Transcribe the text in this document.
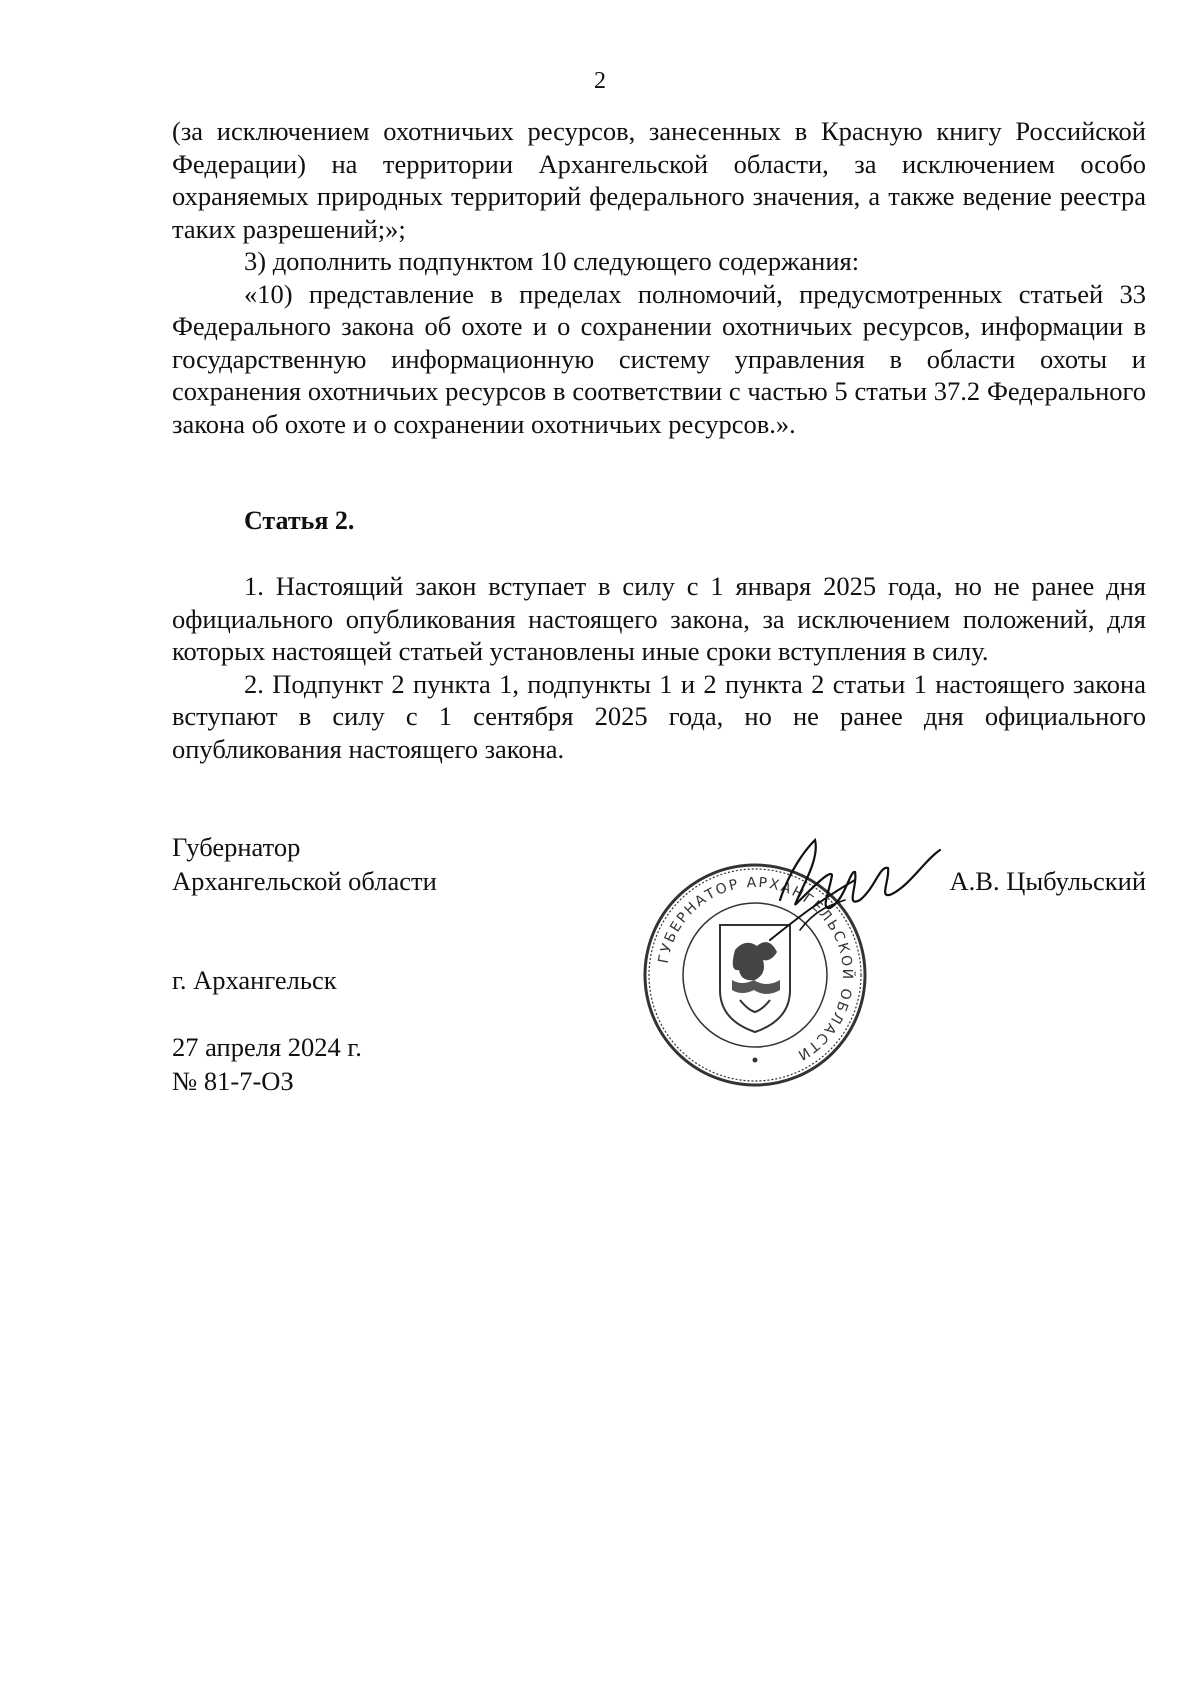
2

(за исключением охотничьих ресурсов, занесенных в Красную книгу Российской Федерации) на территории Архангельской области, за исключением особо охраняемых природных территорий федерального значения, а также ведение реестра таких разрешений;»;

3) дополнить подпунктом 10 следующего содержания:

«10) представление в пределах полномочий, предусмотренных статьей 33 Федерального закона об охоте и о сохранении охотничьих ресурсов, информации в государственную информационную систему управления в области охоты и сохранения охотничьих ресурсов в соответствии с частью 5 статьи 37.2 Федерального закона об охоте и о сохранении охотничьих ресурсов.».

Статья 2.

1. Настоящий закон вступает в силу с 1 января 2025 года, но не ранее дня официального опубликования настоящего закона, за исключением положений, для которых настоящей статьей установлены иные сроки вступления в силу.

2. Подпункт 2 пункта 1, подпункты 1 и 2 пункта 2 статьи 1 настоящего закона вступают в силу с 1 сентября 2025 года, но не ранее дня официального опубликования настоящего закона.

Губернатор
Архангельской области	А.В. Цыбульский
г. Архангельск
27 апреля 2024 г.
№ 81-7-ОЗ
ГУБЕРНАТОР АРХАНГЕЛЬСКОЙ ОБЛАСТИ
